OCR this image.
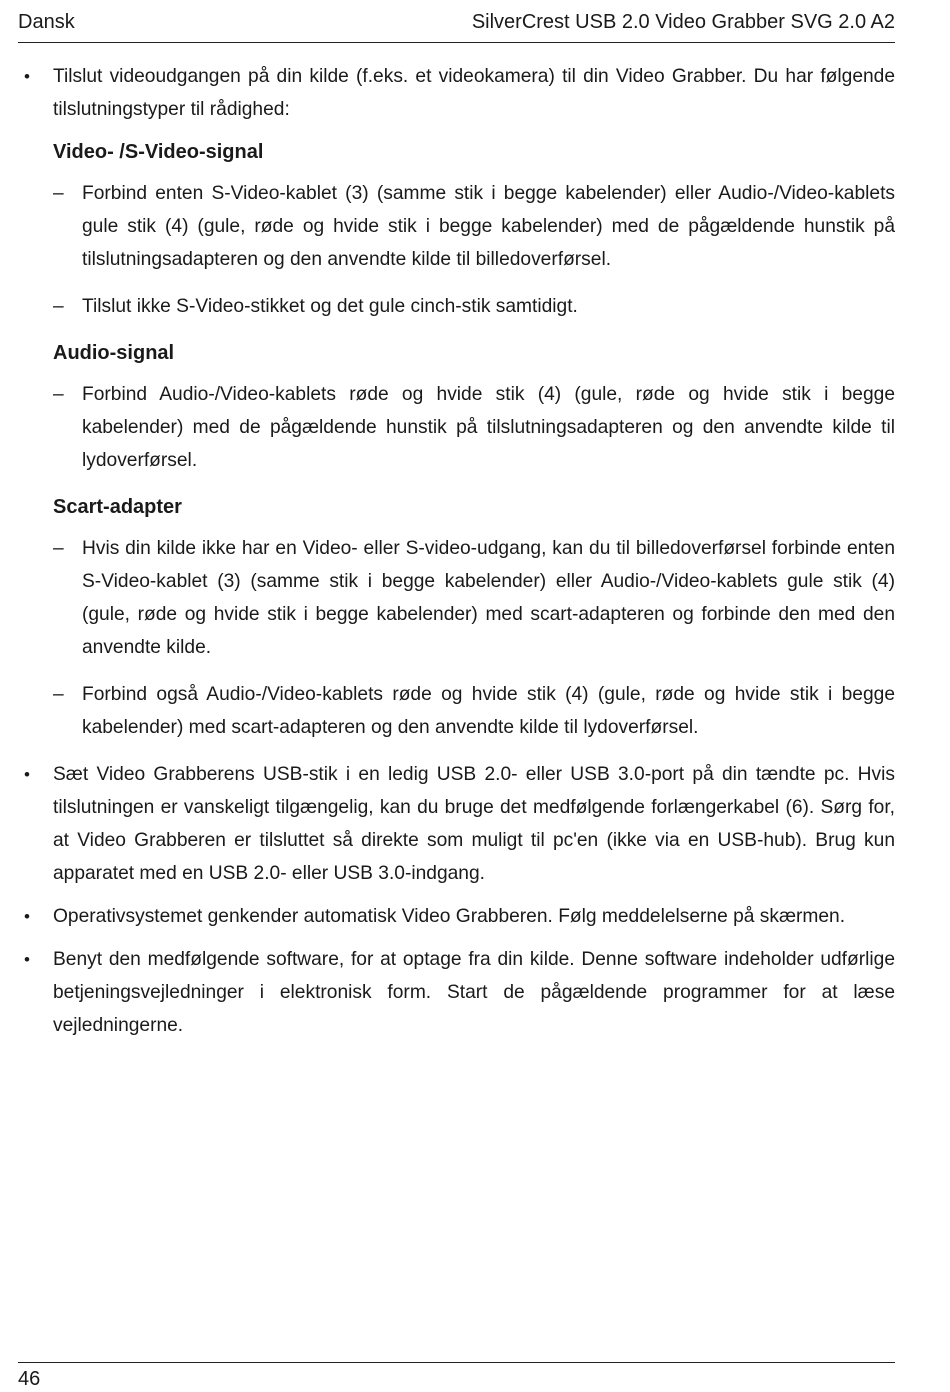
Dansk	SilverCrest USB 2.0 Video Grabber SVG 2.0 A2
• Tilslut videoudgangen på din kilde (f.eks. et videokamera) til din Video Grabber. Du har følgende tilslutningstyper til rådighed:
Video- /S-Video-signal
– Forbind enten S-Video-kablet (3) (samme stik i begge kabelender) eller Audio-/Video-kablets gule stik (4) (gule, røde og hvide stik i begge kabelender) med de pågældende hunstik på tilslutningsadapteren og den anvendte kilde til billedoverførsel.
– Tilslut ikke S-Video-stikket og det gule cinch-stik samtidigt.
Audio-signal
– Forbind Audio-/Video-kablets røde og hvide stik (4) (gule, røde og hvide stik i begge kabelender) med de pågældende hunstik på tilslutningsadapteren og den anvendte kilde til lydoverførsel.
Scart-adapter
– Hvis din kilde ikke har en Video- eller S-video-udgang, kan du til billedoverførsel forbinde enten S-Video-kablet (3) (samme stik i begge kabelender) eller Audio-/Video-kablets gule stik (4) (gule, røde og hvide stik i begge kabelender) med scart-adapteren og forbinde den med den anvendte kilde.
– Forbind også Audio-/Video-kablets røde og hvide stik (4) (gule, røde og hvide stik i begge kabelender) med scart-adapteren og den anvendte kilde til lydoverførsel.
• Sæt Video Grabberens USB-stik i en ledig USB 2.0- eller USB 3.0-port på din tændte pc. Hvis tilslutningen er vanskeligt tilgængelig, kan du bruge det medfølgende forlængerkabel (6). Sørg for, at Video Grabberen er tilsluttet så direkte som muligt til pc'en (ikke via en USB-hub). Brug kun apparatet med en USB 2.0- eller USB 3.0-indgang.
• Operativsystemet genkender automatisk Video Grabberen. Følg meddelelserne på skærmen.
• Benyt den medfølgende software, for at optage fra din kilde. Denne software indeholder udførlige betjeningsvejledninger i elektronisk form. Start de pågældende programmer for at læse vejledningerne.
46
